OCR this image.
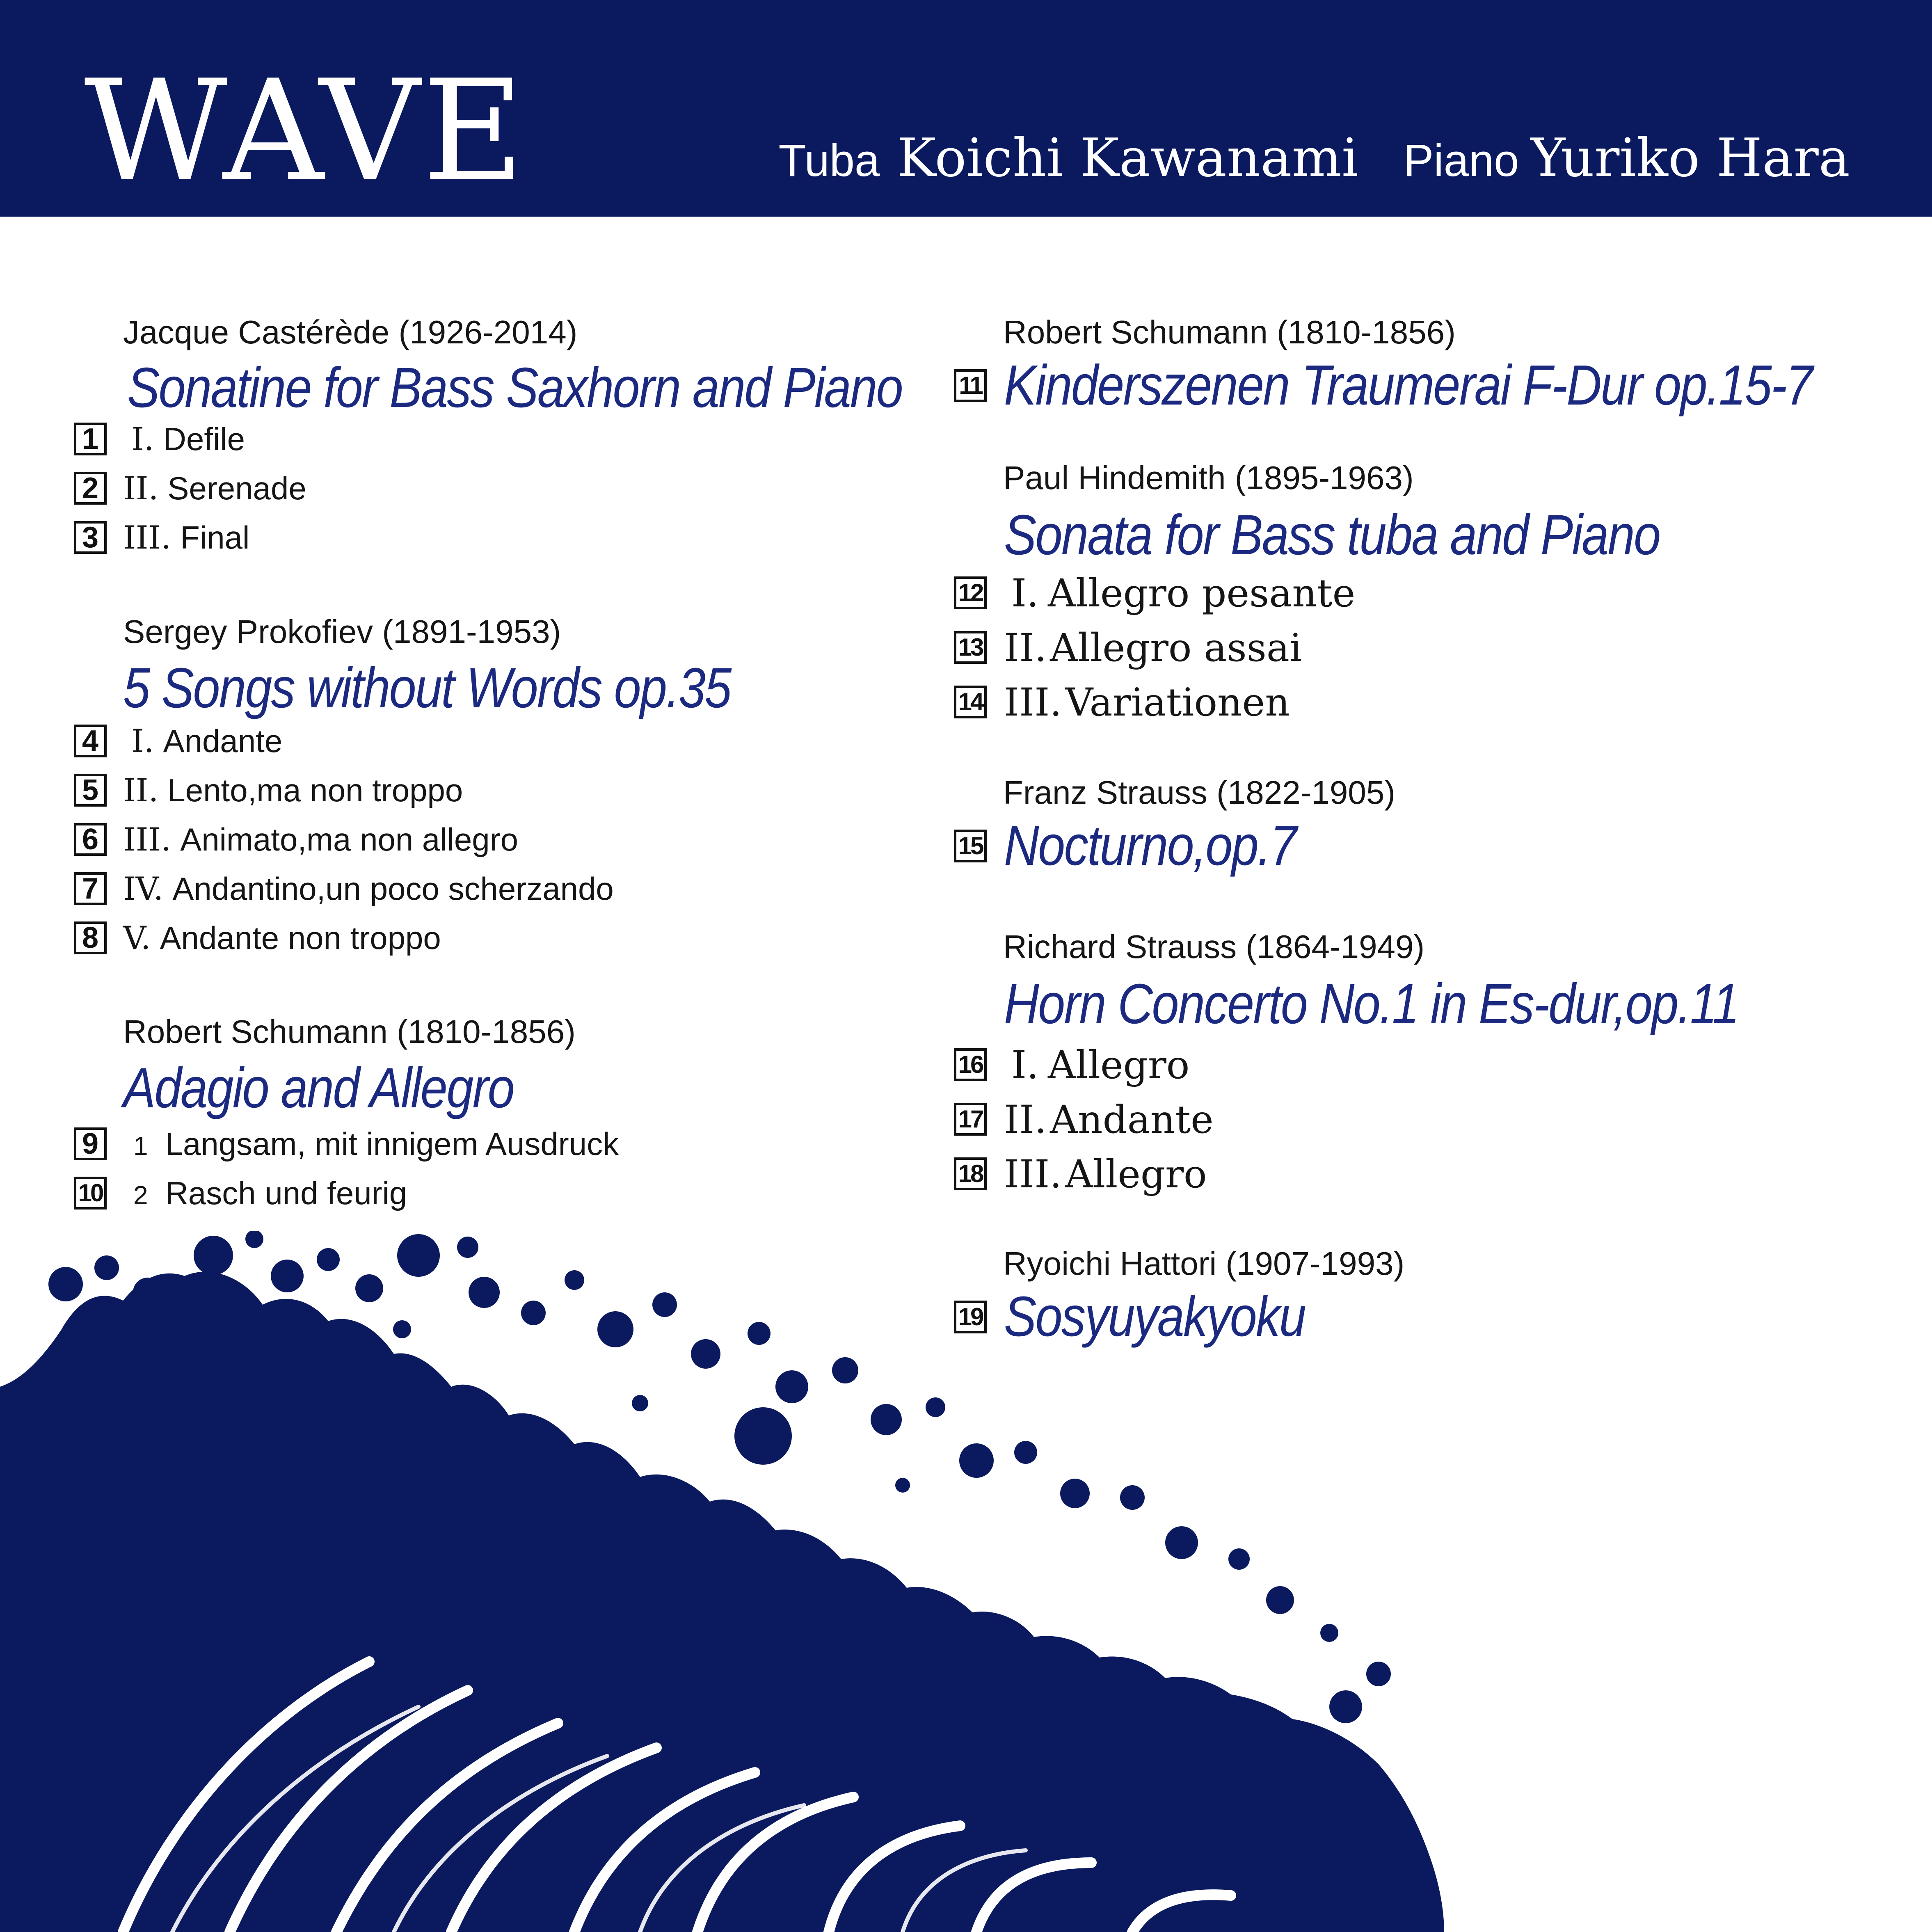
WAVE	Tuba Koichi Kawanami Piano Yuriko Hara
Jacque Castérède (1926-2014)
Sonatine for Bass Saxhorn and Piano
1 I. Defile
2 II. Serenade
3 III. Final
Sergey Prokofiev (1891-1953)
5 Songs without Words op.35
4 I. Andante
5 II. Lento,ma non troppo
6 III. Animato,ma non allegro
7 IV. Andantino,un poco scherzando
8 V. Andante non troppo
Robert Schumann (1810-1856)
Adagio and Allegro
9	1 Langsam, mit innigem Ausdruck
10 2 Rasch und feurig
Robert Schumann (1810-1856)
11 Kinderszenen Traumerai F-Dur op.15-7
Paul Hindemith (1895-1963)
Sonata for Bass tuba and Piano
12 I. Allegro pesante
13 II.Allegro assai
14 III.Variationen
Franz Strauss (1822-1905)
15 Nocturno,op.7
Richard Strauss (1864-1949)
Horn Concerto No.1 in Es-dur,op.11
16 I. Allegro
17 II.Andante
18 III.Allegro
Ryoichi Hattori (1907-1993)
19 Sosyuyakyoku
